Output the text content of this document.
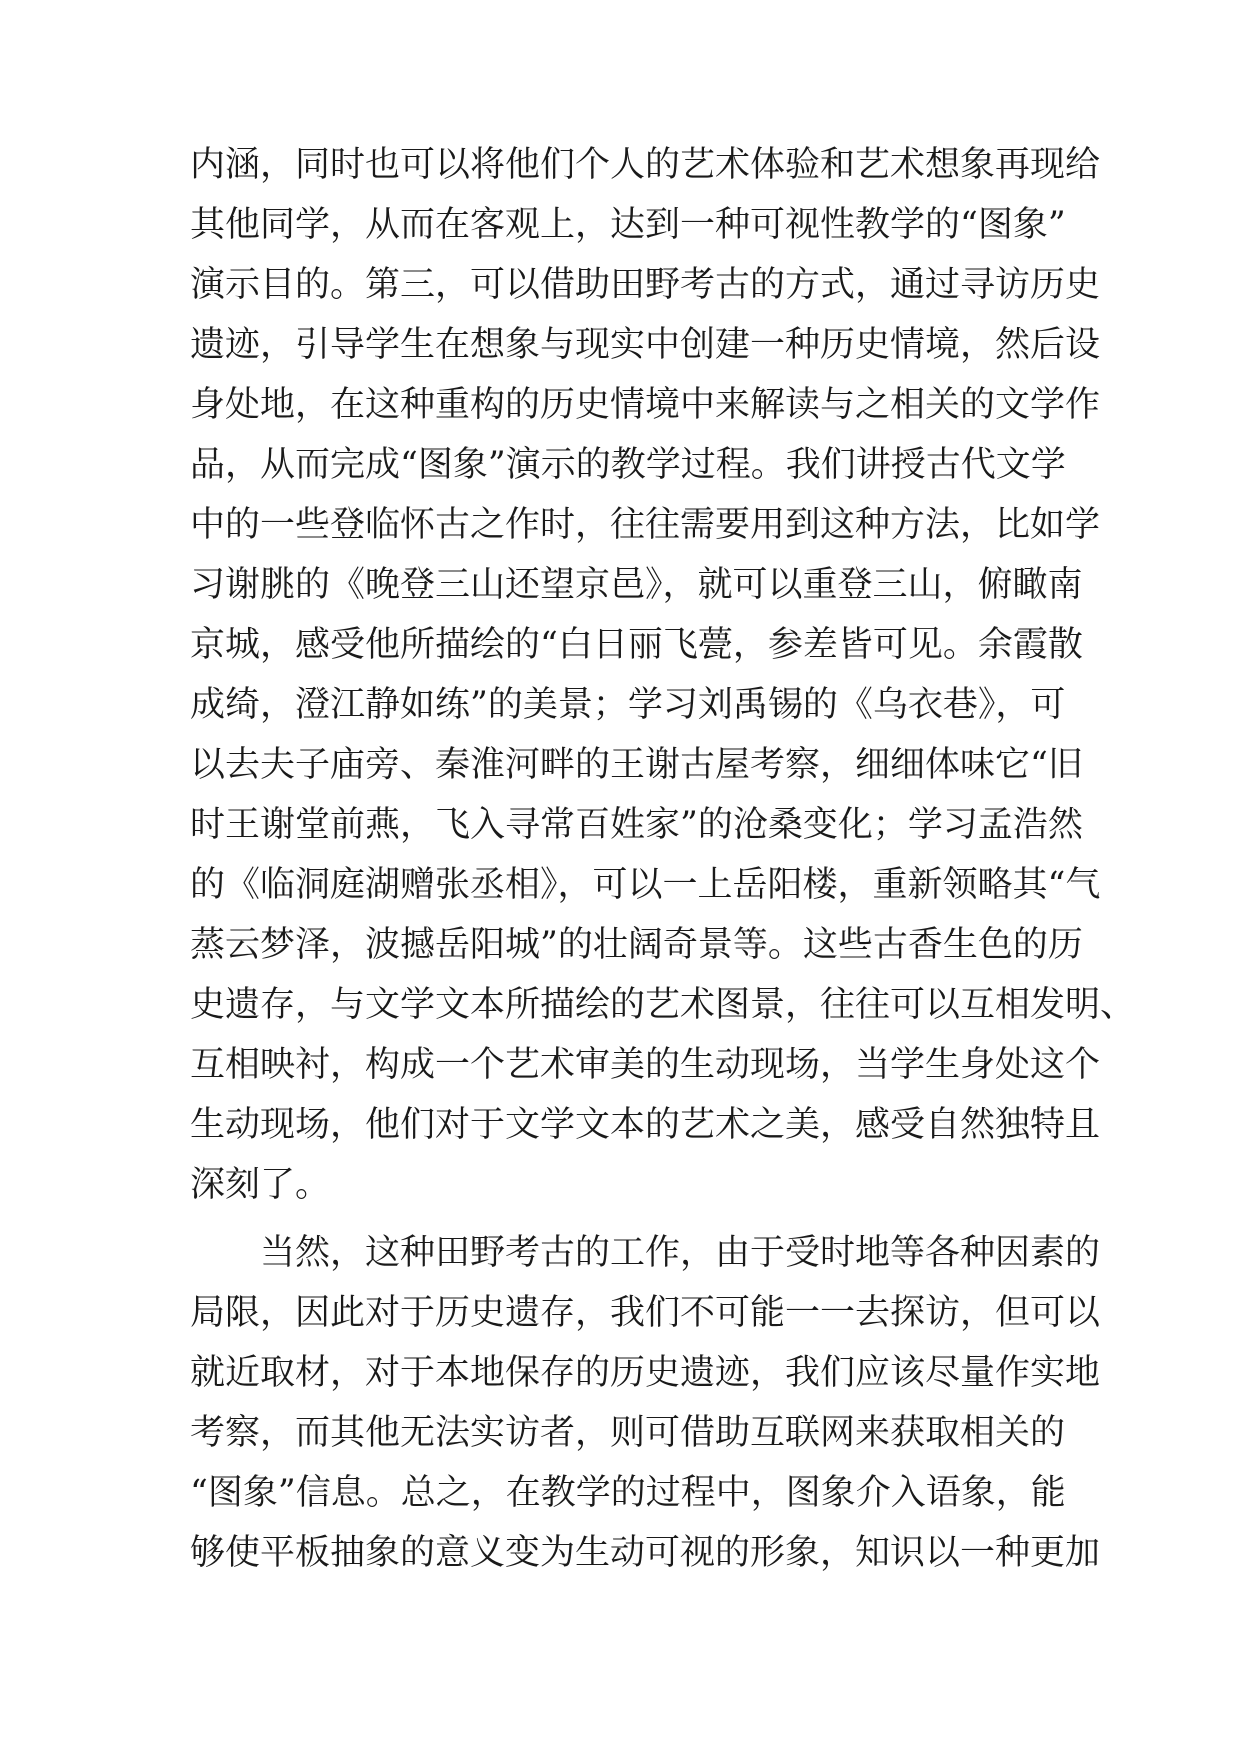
内涵，同时也可以将他们个人的艺术体验和艺术想象再现给
其他同学，从而在客观上，达到一种可视性教学的“图象”
演示目的。第三，可以借助田野考古的方式，通过寻访历史
遗迹，引导学生在想象与现实中创建一种历史情境，然后设
身处地，在这种重构的历史情境中来解读与之相关的文学作
品，从而完成“图象”演示的教学过程。我们讲授古代文学
中的一些登临怀古之作时，往往需要用到这种方法，比如学
习谢朓的《晚登三山还望京邑》，就可以重登三山，俯瞰南
京城，感受他所描绘的“白日丽飞甍，参差皆可见。余霞散
成绮，澄江静如练”的美景；学习刘禹锡的《乌衣巷》，可
以去夫子庙旁、秦淮河畔的王谢古屋考察，细细体味它“旧
时王谢堂前燕，飞入寻常百姓家”的沧桑变化；学习孟浩然
的《临洞庭湖赠张丞相》，可以一上岳阳楼，重新领略其“气
蒸云梦泽，波撼岳阳城”的壮阔奇景等。这些古香生色的历
史遗存，与文学文本所描绘的艺术图景，往往可以互相发明、
互相映衬，构成一个艺术审美的生动现场，当学生身处这个
生动现场，他们对于文学文本的艺术之美，感受自然独特且
深刻了。
当然，这种田野考古的工作，由于受时地等各种因素的
局限，因此对于历史遗存，我们不可能一一去探访，但可以
就近取材，对于本地保存的历史遗迹，我们应该尽量作实地
考察，而其他无法实访者，则可借助互联网来获取相关的
“图象”信息。总之，在教学的过程中，图象介入语象，能
够使平板抽象的意义变为生动可视的形象，知识以一种更加
